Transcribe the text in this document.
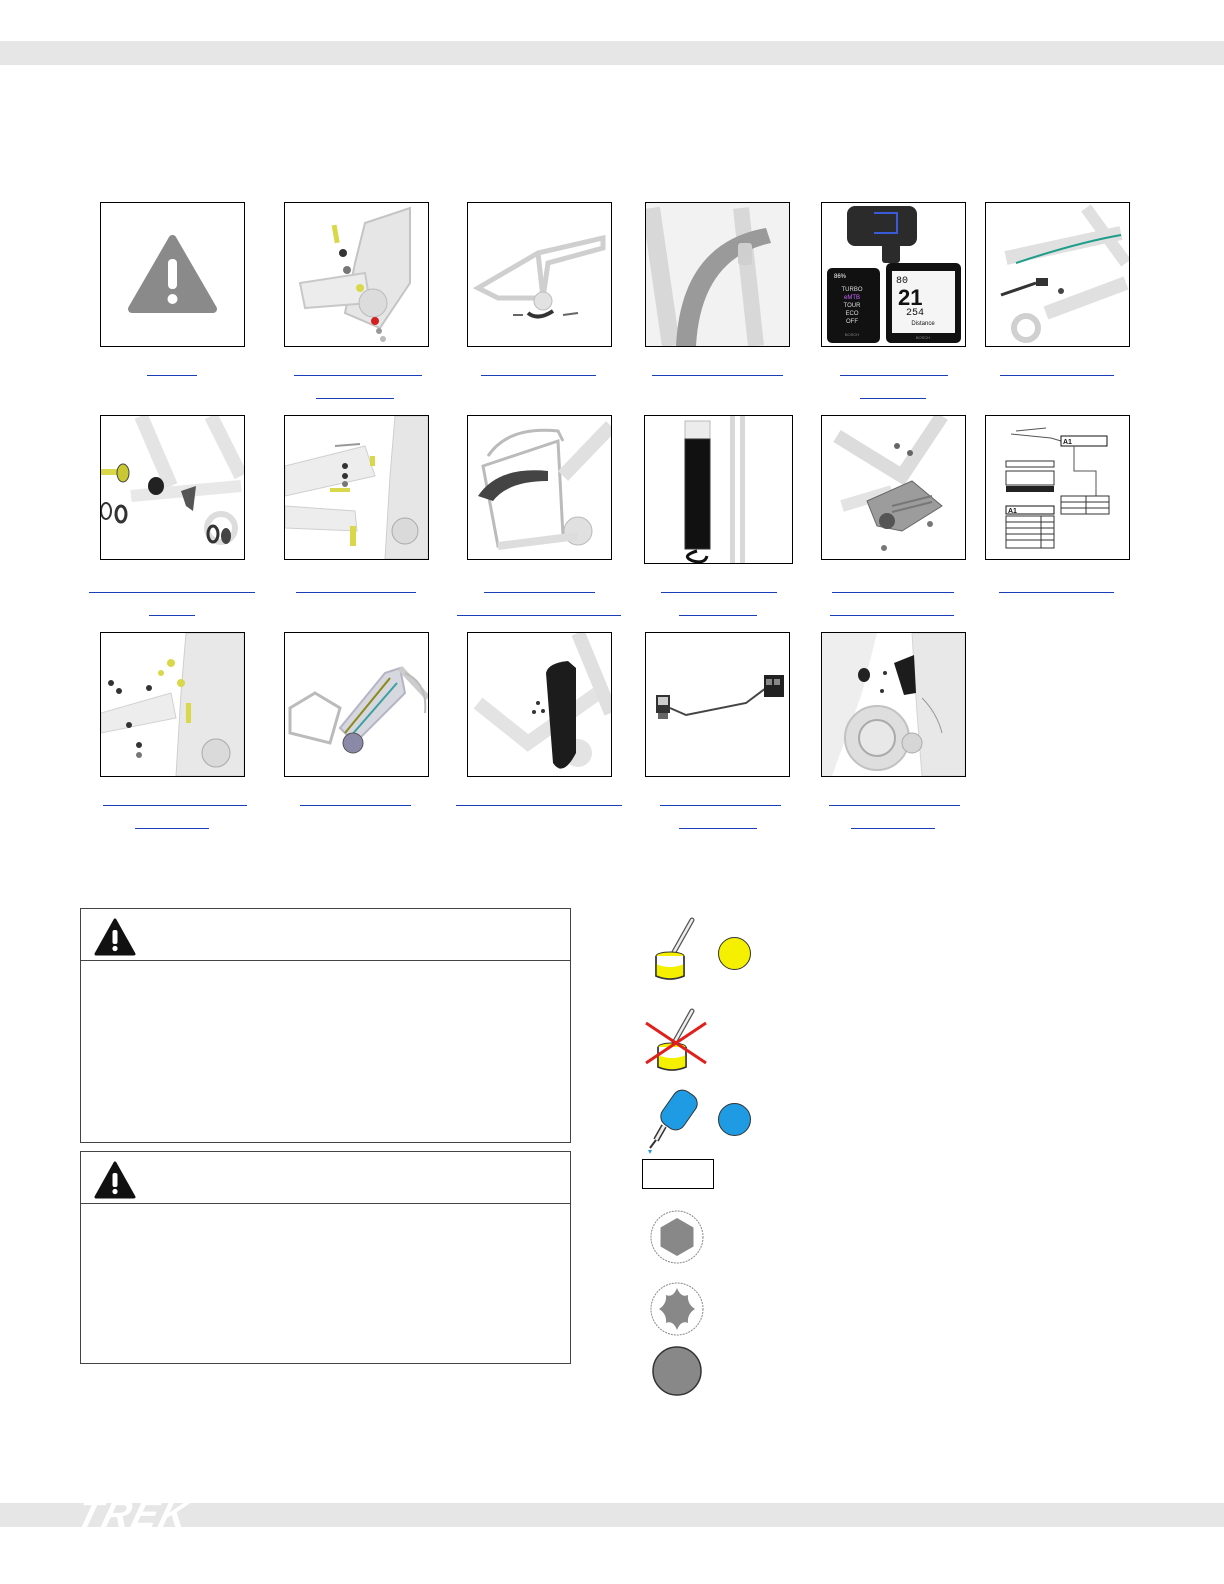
86%
TURBO
eMTB
TOUR
ECO
OFF
BOSCH
80
21
254
Distance
BOSCH
A1
A1
TREK
